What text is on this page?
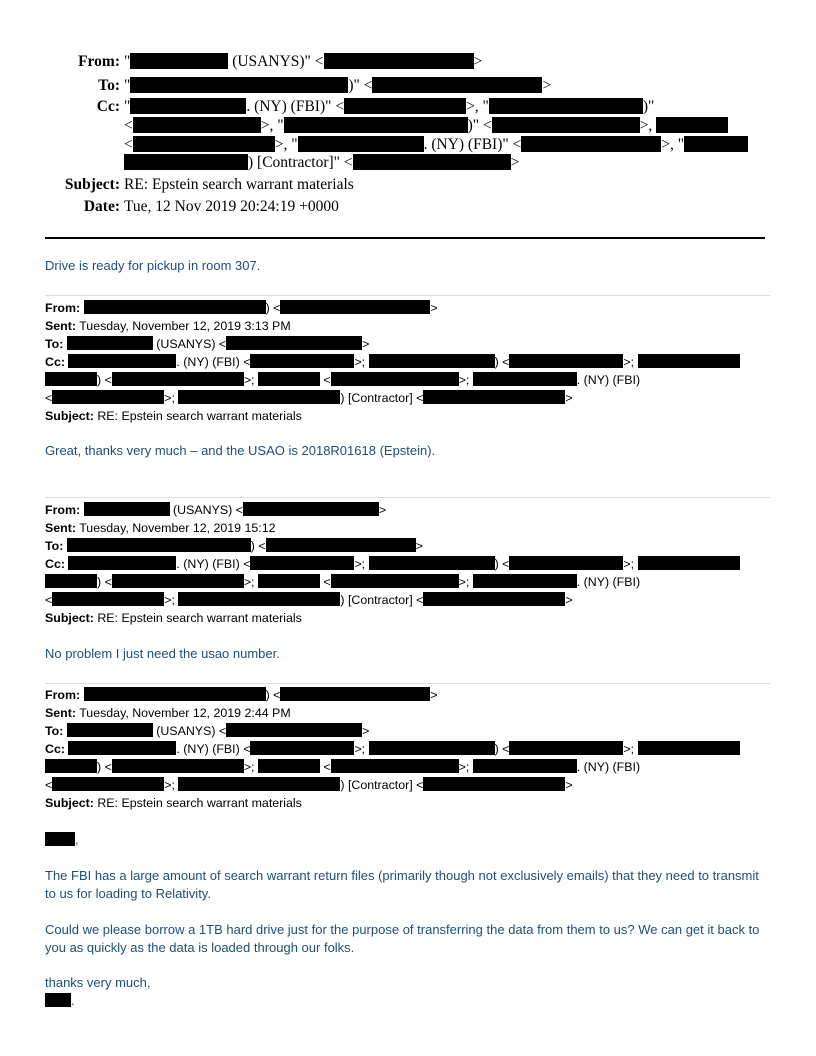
From: "	(USANYS)" <	>
To: "	)" <	>
Cc: "	. (NY) (FBI)" <	>, "	)"
<	>, "	)" <	>,
<	>, "	. (NY) (FBI)" <	>, "
) [Contractor]" <	>
Subject: RE: Epstein search warrant materials
Date: Tue, 12 Nov 2019 20:24:19 +0000
Drive is ready for pickup in room 307.
From:	) <	>
Sent: Tuesday, November 12, 2019 3:13 PM
To:	(USANYS) <	>
Cc:	. (NY) (FBI) <	>;	) <	>;
) <	>;	<	>;	. (NY) (FBI)
<	>;	) [Contractor] <	>
Subject: RE: Epstein search warrant materials
Great, thanks very much – and the USAO is 2018R01618 (Epstein).
From:	(USANYS) <	>
Sent: Tuesday, November 12, 2019 15:12
To:	) <	>
Cc:	. (NY) (FBI) <	>;	) <	>;
) <	>;	<	>;	. (NY) (FBI)
<	>;	) [Contractor] <	>
Subject: RE: Epstein search warrant materials
No problem I just need the usao number.
From:	) <	>
Sent: Tuesday, November 12, 2019 2:44 PM
To:	(USANYS) <	>
Cc:	. (NY) (FBI) <	>;	) <	>;
) <	>;	<	>;	. (NY) (FBI)
<	>;	) [Contractor] <	>
Subject: RE: Epstein search warrant materials
,
The FBI has a large amount of search warrant return files (primarily though not exclusively emails) that they need to transmit to us for loading to Relativity.
Could we please borrow a 1TB hard drive just for the purpose of transferring the data from them to us? We can get it back to you as quickly as the data is loaded through our folks.
thanks very much,
.
